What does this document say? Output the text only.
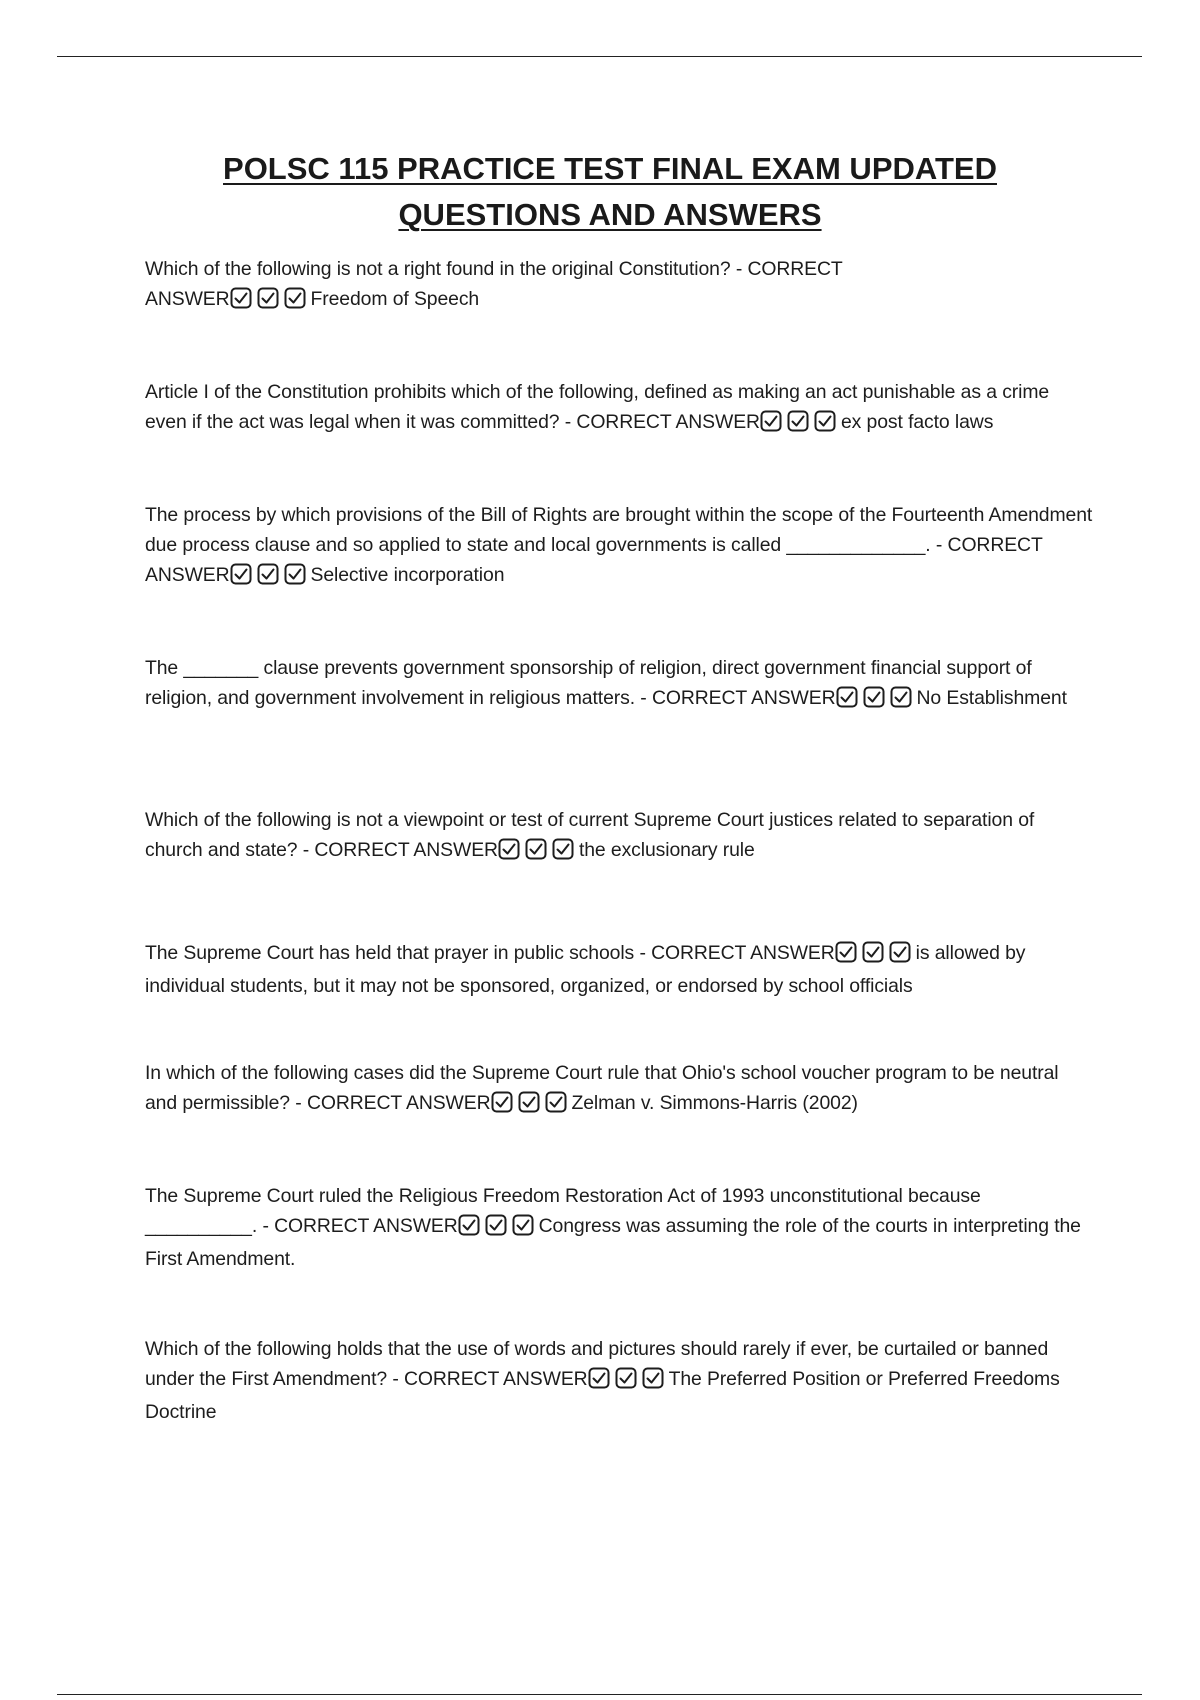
POLSC 115 PRACTICE TEST FINAL EXAM UPDATED QUESTIONS AND ANSWERS
Which of the following is not a right found in the original Constitution? - CORRECT ANSWER	Freedom of Speech
Article I of the Constitution prohibits which of the following, defined as making an act punishable as a crime even if the act was legal when it was committed? - CORRECT ANSWER	ex post facto laws
The process by which provisions of the Bill of Rights are brought within the scope of the Fourteenth Amendment due process clause and so applied to state and local governments is called _____________. - CORRECT ANSWER	Selective incorporation
The _______ clause prevents government sponsorship of religion, direct government financial support of religion, and government involvement in religious matters. - CORRECT ANSWER	No Establishment
Which of the following is not a viewpoint or test of current Supreme Court justices related to separation of church and state? - CORRECT ANSWER	the exclusionary rule
The Supreme Court has held that prayer in public schools - CORRECT ANSWER	is allowed by individual students, but it may not be sponsored, organized, or endorsed by school officials
In which of the following cases did the Supreme Court rule that Ohio's school voucher program to be neutral and permissible? - CORRECT ANSWER	Zelman v. Simmons-Harris (2002)
The Supreme Court ruled the Religious Freedom Restoration Act of 1993 unconstitutional because __________. - CORRECT ANSWER	Congress was assuming the role of the courts in interpreting the First Amendment.
Which of the following holds that the use of words and pictures should rarely if ever, be curtailed or banned under the First Amendment? - CORRECT ANSWER	The Preferred Position or Preferred Freedoms Doctrine
